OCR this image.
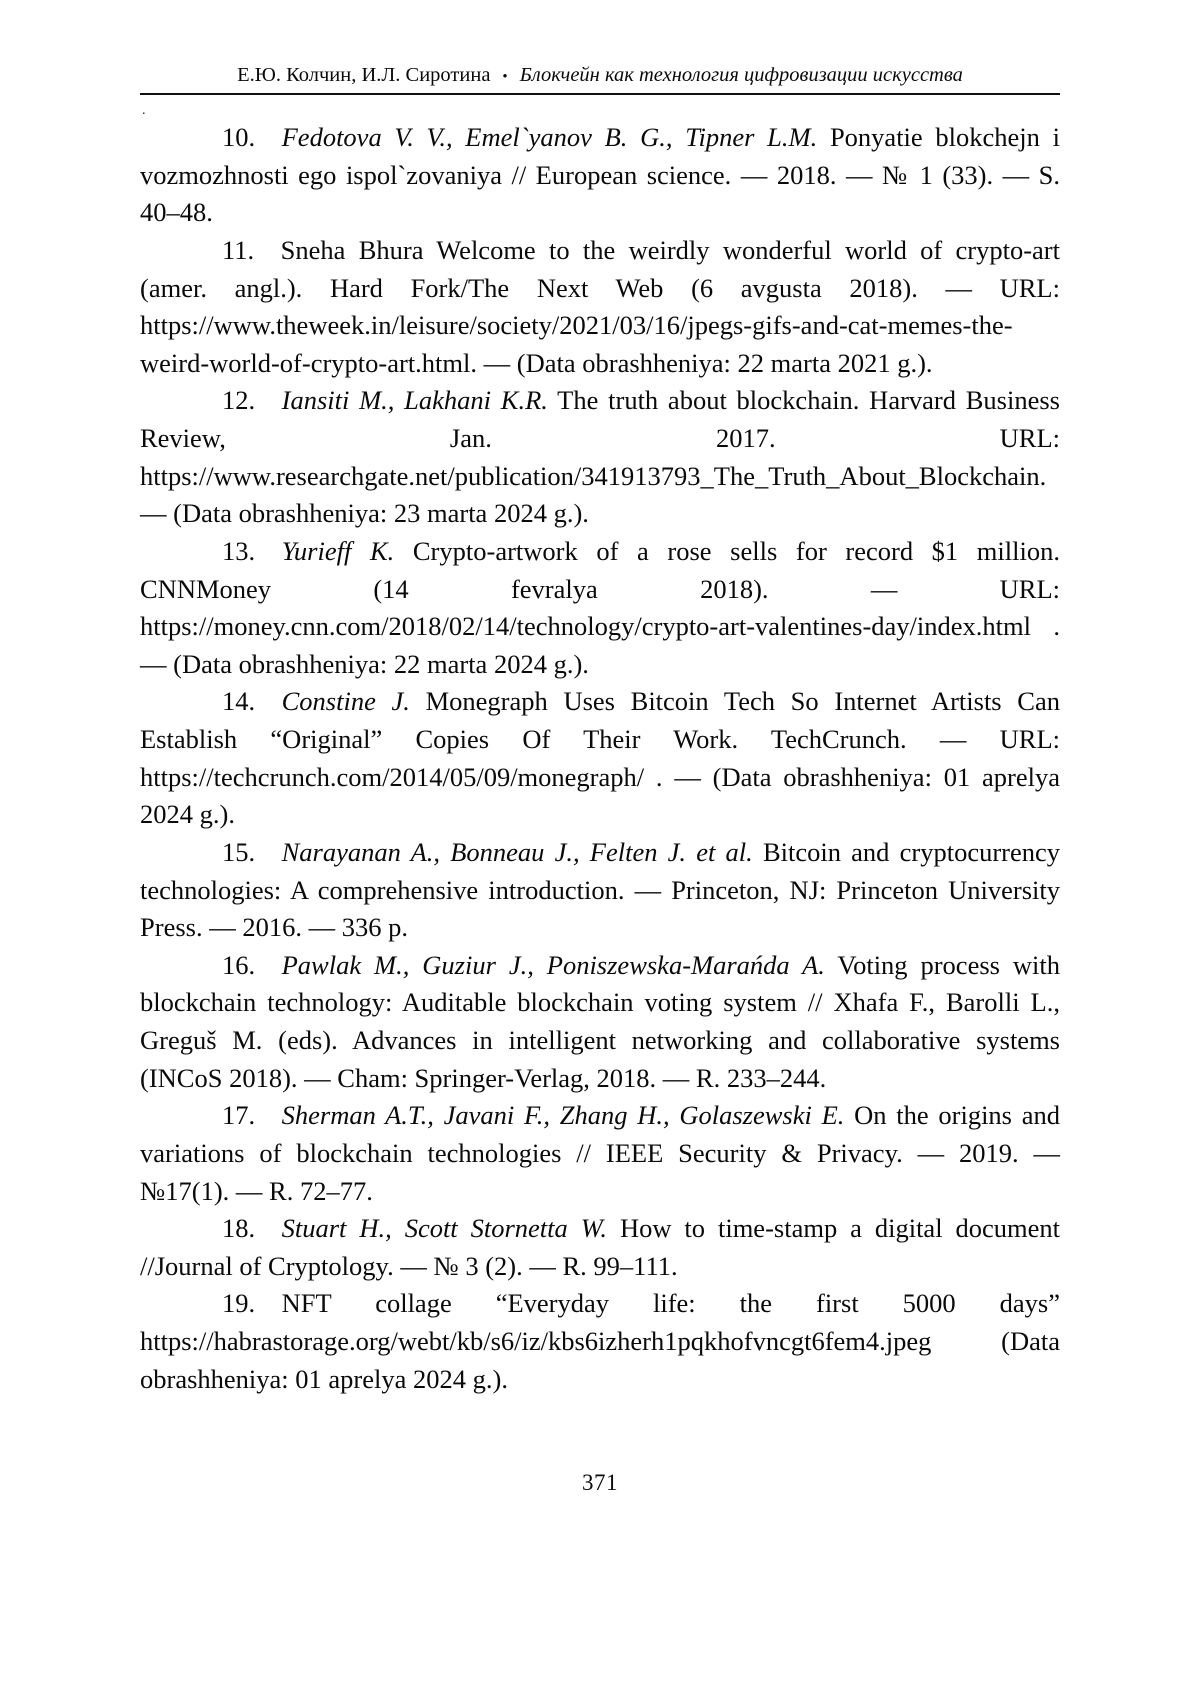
Е.Ю. Колчин, И.Л. Сиротина • Блокчейн как технология цифровизации искусства
.

10. Fedotova V. V., Emel`yanov B. G., Tipner L.M. Ponyatie blokchejn i vozmozhnosti ego ispol`zovaniya // European science. — 2018. — № 1 (33). — S. 40–48.

11. Sneha Bhura Welcome to the weirdly wonderful world of crypto-art (amer. angl.). Hard Fork/The Next Web (6 avgusta 2018). — URL: https://www.theweek.in/leisure/society/2021/03/16/jpegs-gifs-and-cat-memes-the-weird-world-of-crypto-art.html. — (Data obrashheniya: 22 marta 2021 g.).

12. Iansiti M., Lakhani K.R. The truth about blockchain. Harvard Business Review, Jan. 2017. URL: https://www.researchgate.net/publication/341913793_The_Truth_About_Blockchain. — (Data obrashheniya: 23 marta 2024 g.).

13. Yurieff K. Crypto-artwork of a rose sells for record $1 million. CNNMoney (14 fevralya 2018). — URL: https://money.cnn.com/2018/02/14/technology/crypto-art-valentines-day/index.html . — (Data obrashheniya: 22 marta 2024 g.).

14. Constine J. Monegraph Uses Bitcoin Tech So Internet Artists Can Establish “Original” Copies Of Their Work. TechCrunch. — URL: https://techcrunch.com/2014/05/09/monegraph/ . — (Data obrashheniya: 01 aprelya 2024 g.).

15. Narayanan A., Bonneau J., Felten J. et al. Bitcoin and cryptocurrency technologies: A comprehensive introduction. — Princeton, NJ: Princeton University Press. — 2016. — 336 p.

16. Pawlak M., Guziur J., Poniszewska-Marańda A. Voting process with blockchain technology: Auditable blockchain voting system // Xhafa F., Barolli L., Greguš M. (eds). Advances in intelligent networking and collaborative systems (INCoS 2018). — Cham: Springer-Verlag, 2018. — R. 233–244.

17. Sherman A.T., Javani F., Zhang H., Golaszewski E. On the origins and variations of blockchain technologies // IEEE Security & Privacy. — 2019. — №17(1). — R. 72–77.

18. Stuart H., Scott Stornetta W. How to time-stamp a digital document //Journal of Cryptology. — № 3 (2). — R. 99–111.

19. NFT collage “Everyday life: the first 5000 days” https://habrastorage.org/webt/kb/s6/iz/kbs6izherh1pqkhofvncgt6fem4.jpeg (Data obrashheniya: 01 aprelya 2024 g.).

371
